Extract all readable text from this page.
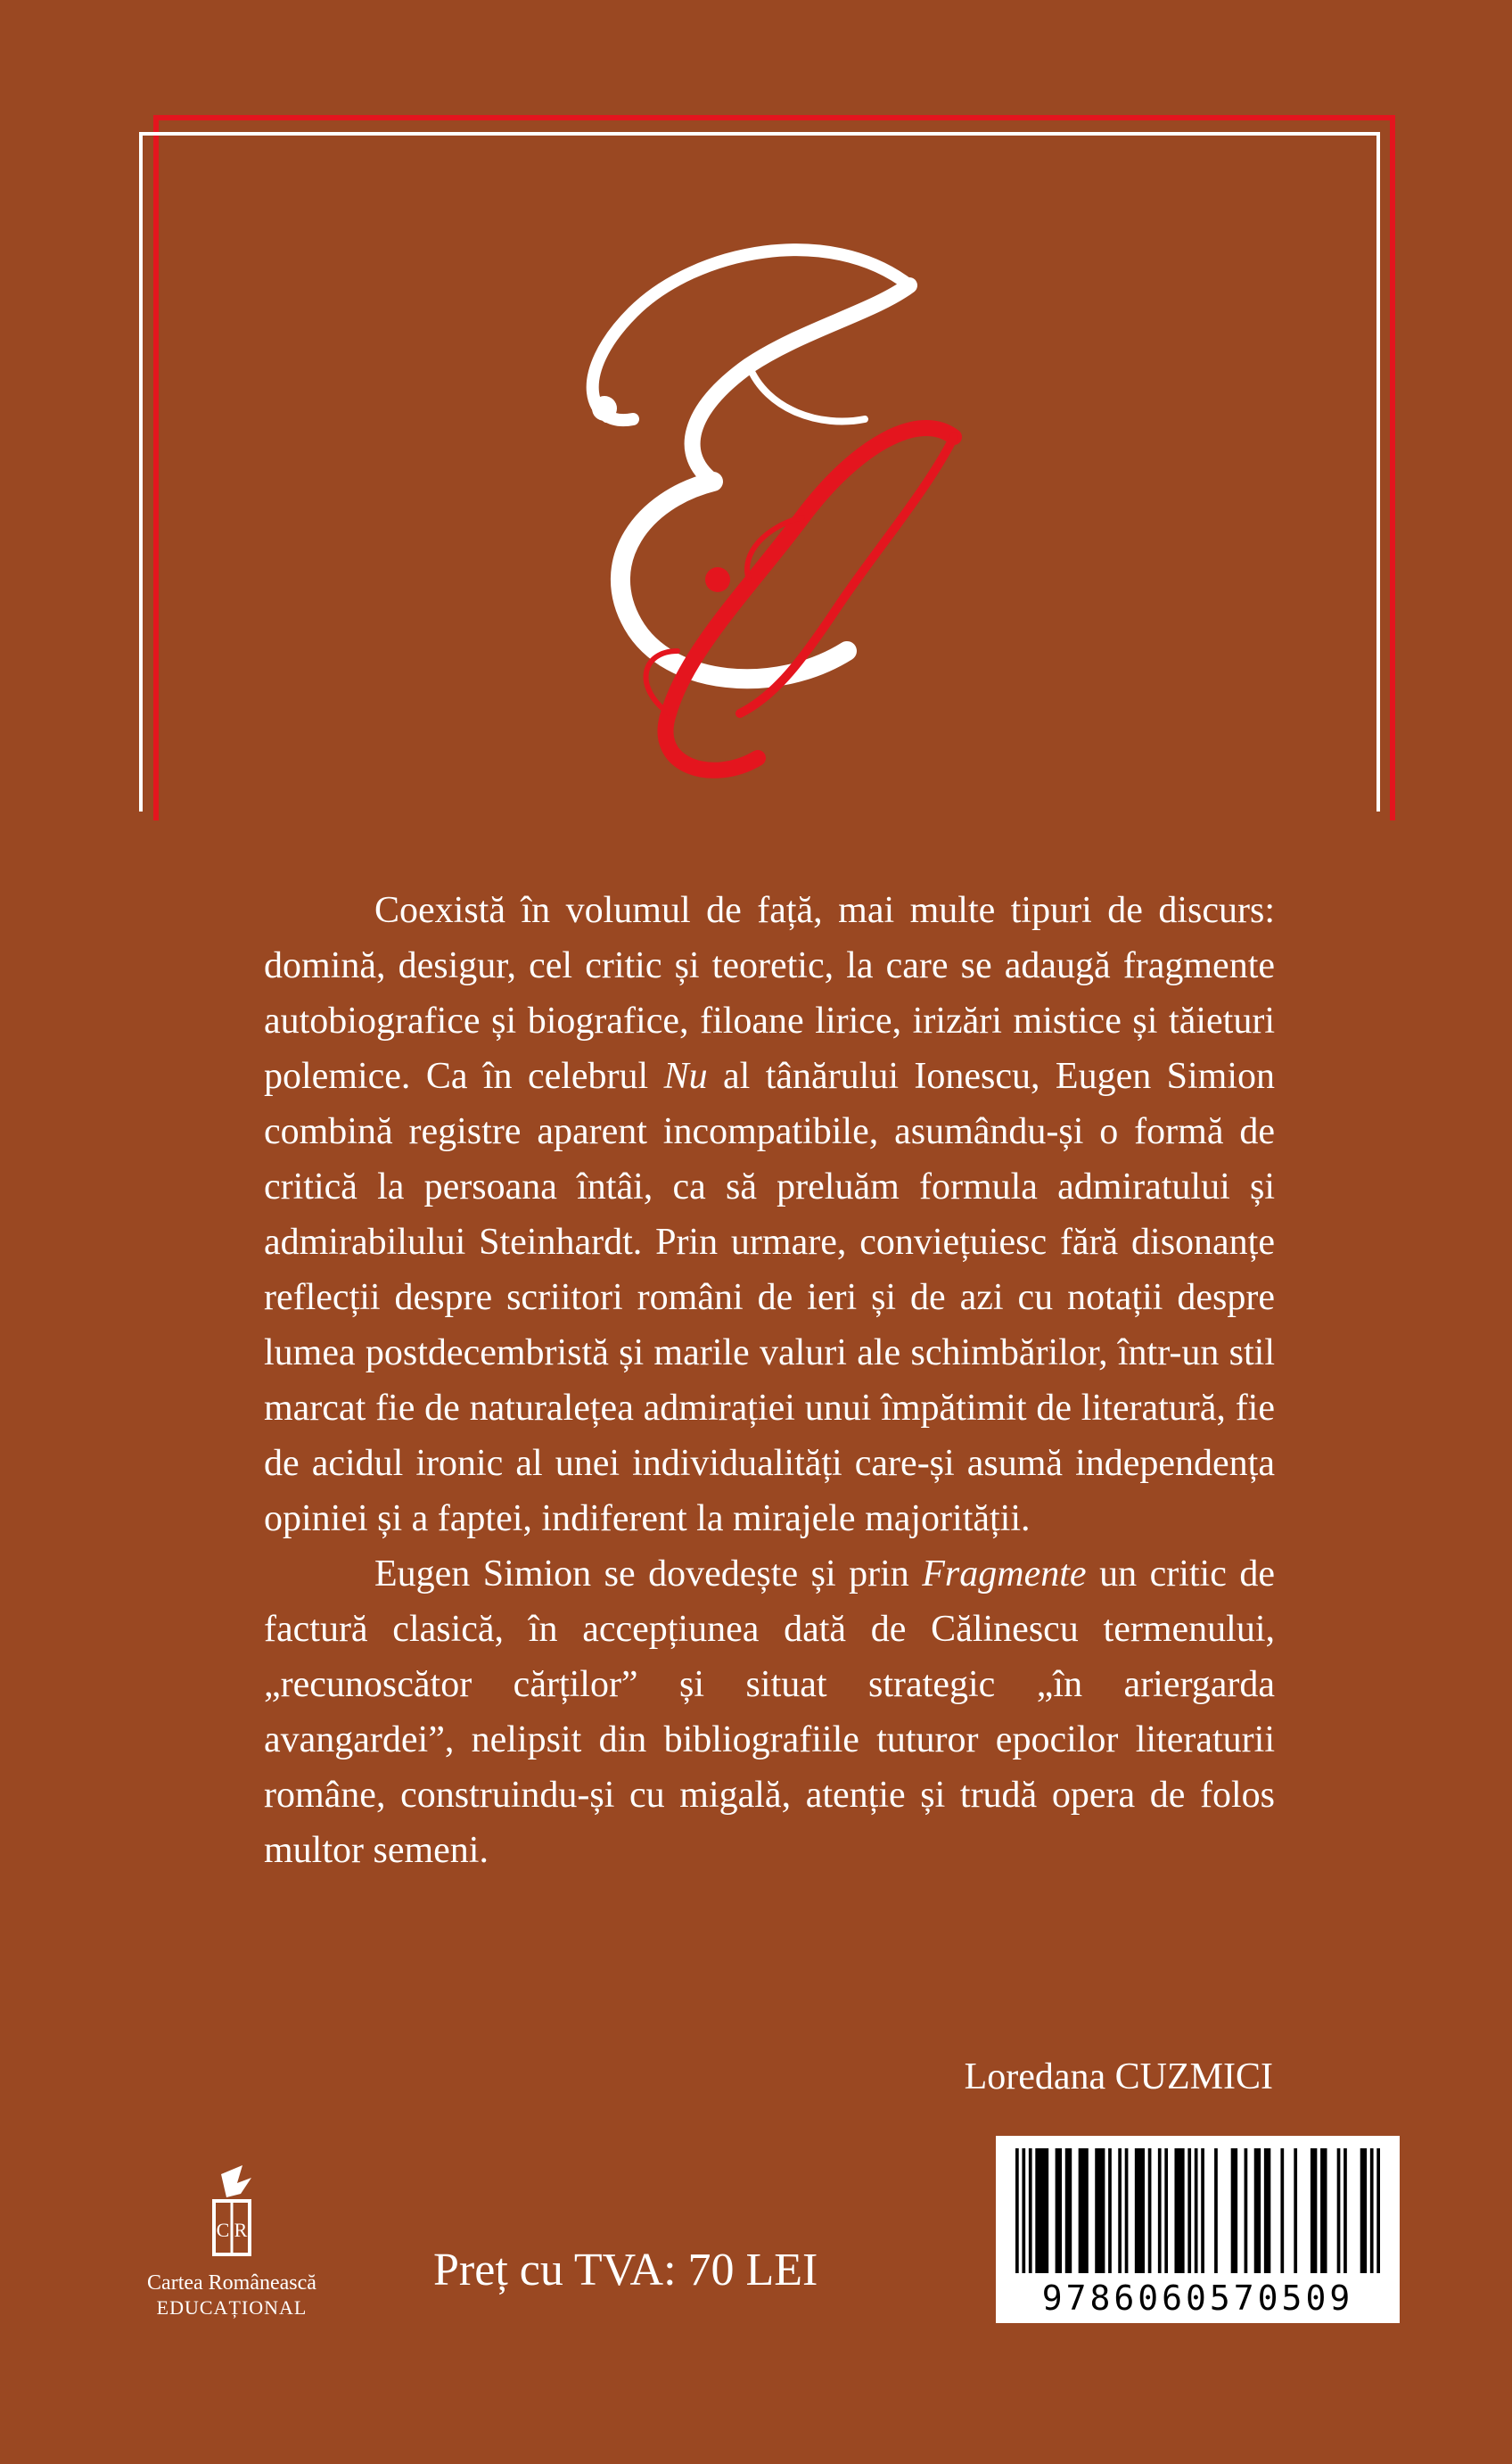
Coexistă în volumul de față, mai multe tipuri de discurs: domină, desigur, cel critic și teoretic, la care se adaugă fragmente autobiografice și biografice, filoane lirice, irizări mistice și tăieturi polemice. Ca în celebrul Nu al tânărului Ionescu, Eugen Simion combină registre aparent incompatibile, asumându-și o formă de critică la persoana întâi, ca să preluăm formula admiratului și admirabilului Steinhardt. Prin urmare, conviețuiesc fără disonanțe reflecții despre scriitori români de ieri și de azi cu notații despre lumea postdecembristă și marile valuri ale schimbărilor, într-un stil marcat fie de naturalețea admirației unui împătimit de literatură, fie de acidul ironic al unei individualități care-și asumă independența opiniei și a faptei, indiferent la mirajele majorității.

Eugen Simion se dovedește și prin Fragmente un critic de factură clasică, în accepțiunea dată de Călinescu termenului, „recunoscător cărților” și situat strategic „în ariergarda avangardei”, nelipsit din bibliografiile tuturor epocilor literaturii române, construindu-și cu migală, atenție și trudă opera de folos multor semeni.

Loredana CUZMICI
C R
Cartea Românească
EDUCAȚIONAL
Preț cu TVA: 70 LEI
9786060570509
